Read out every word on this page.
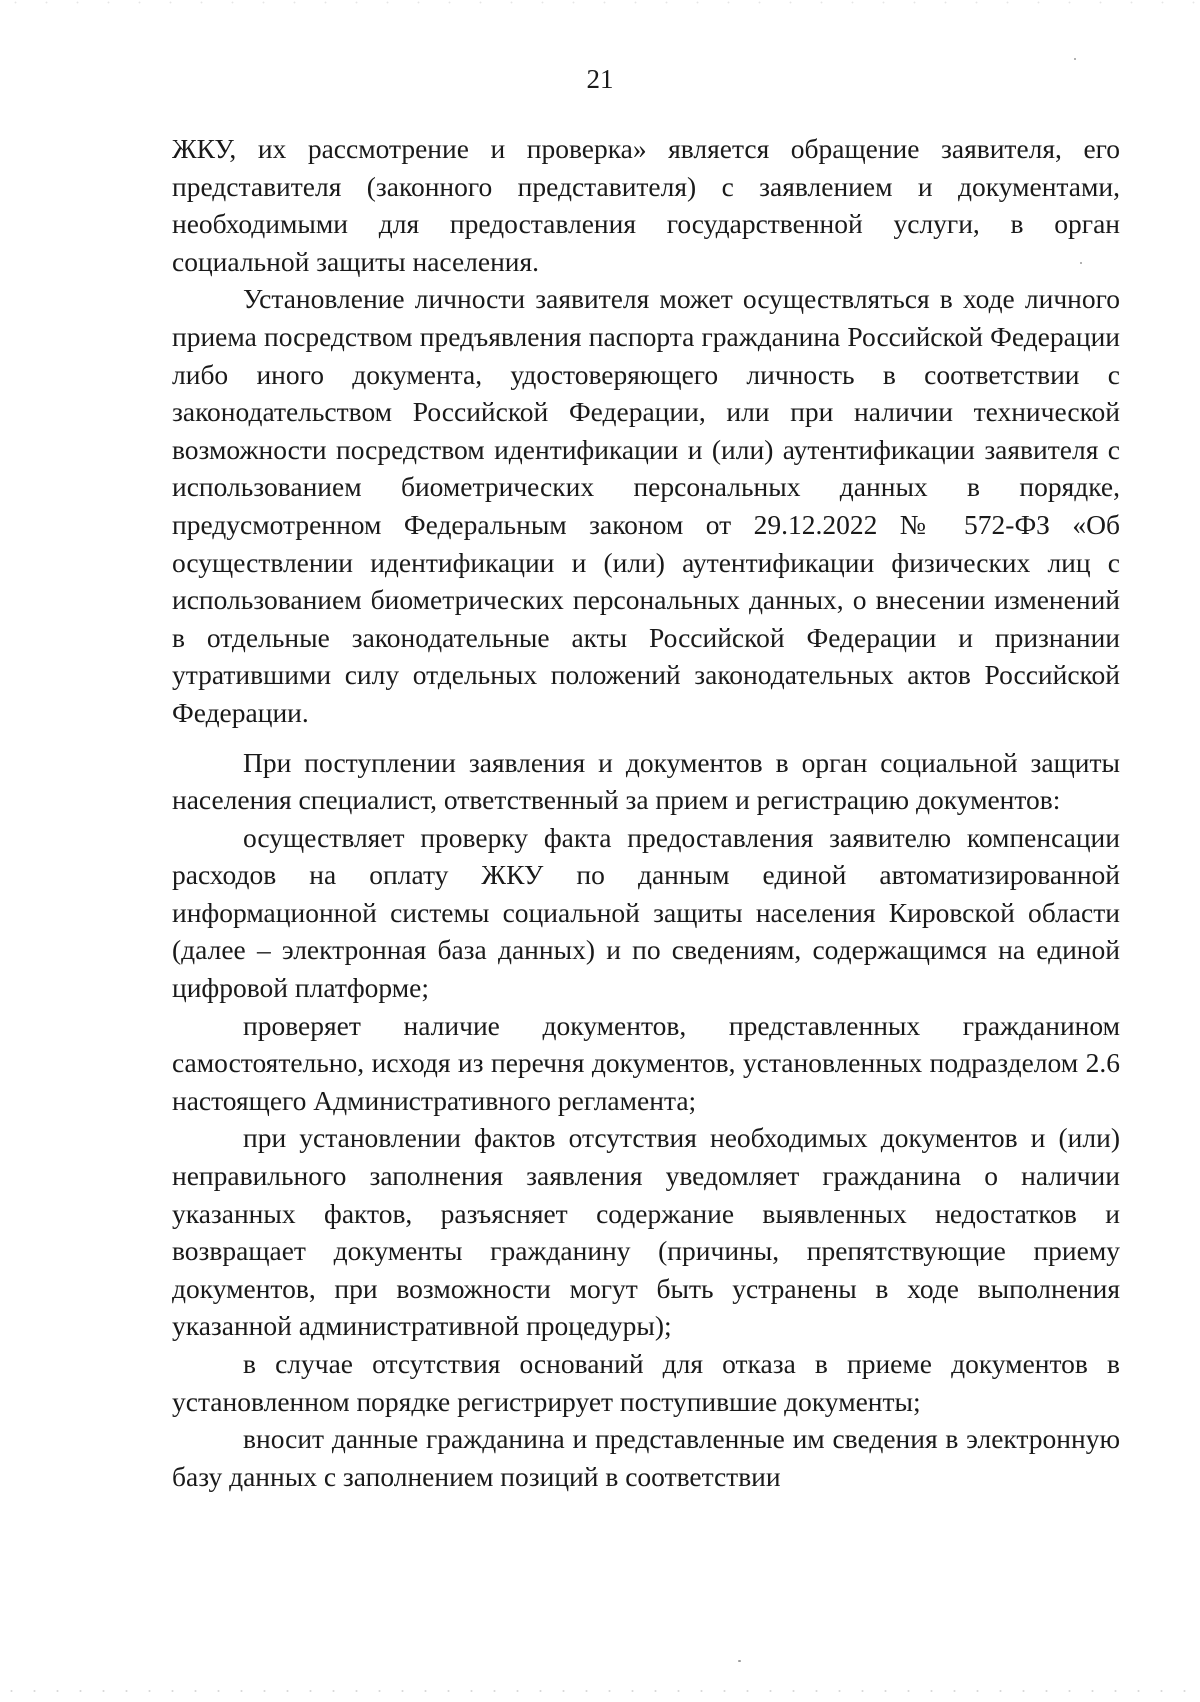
21

ЖКУ, их рассмотрение и проверка» является обращение заявителя, его представителя (законного представителя) с заявлением и документами, необходимыми для предоставления государственной услуги, в орган социальной защиты населения.

Установление личности заявителя может осуществляться в ходе личного приема посредством предъявления паспорта гражданина Российской Федерации либо иного документа, удостоверяющего личность в соответствии с законодательством Российской Федерации, или при наличии технической возможности посредством идентификации и (или) аутентификации заявителя с использованием биометрических персональных данных в порядке, предусмотренном Федеральным законом от 29.12.2022 № 572-ФЗ «Об осуществлении идентификации и (или) аутентификации физических лиц с использованием биометрических персональных данных, о внесении изменений в отдельные законодательные акты Российской Федерации и признании утратившими силу отдельных положений законодательных актов Российской Федерации.

При поступлении заявления и документов в орган социальной защиты населения специалист, ответственный за прием и регистрацию документов:

осуществляет проверку факта предоставления заявителю компенсации расходов на оплату ЖКУ по данным единой автоматизированной информационной системы социальной защиты населения Кировской области (далее – электронная база данных) и по сведениям, содержащимся на единой цифровой платформе;

проверяет наличие документов, представленных гражданином самостоятельно, исходя из перечня документов, установленных подразделом 2.6 настоящего Административного регламента;

при установлении фактов отсутствия необходимых документов и (или) неправильного заполнения заявления уведомляет гражданина о наличии указанных фактов, разъясняет содержание выявленных недостатков и возвращает документы гражданину (причины, препятствующие приему документов, при возможности могут быть устранены в ходе выполнения указанной административной процедуры);

в случае отсутствия оснований для отказа в приеме документов в установленном порядке регистрирует поступившие документы;

вносит данные гражданина и представленные им сведения в электронную базу данных с заполнением позиций в соответствии
